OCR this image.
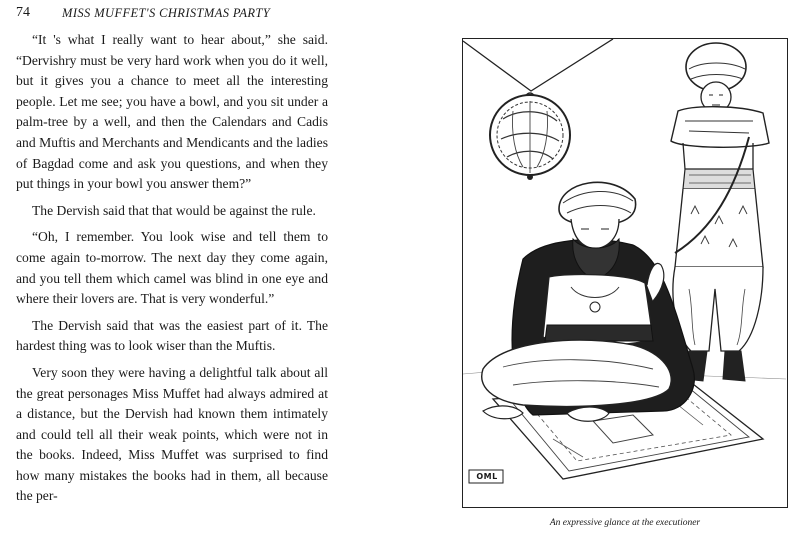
74	MISS MUFFET'S CHRISTMAS PARTY

“It 's what I really want to hear about,” she said. “Dervishry must be very hard work when you do it well, but it gives you a chance to meet all the interesting people. Let me see; you have a bowl, and you sit under a palm-tree by a well, and then the Calendars and Cadis and Muftis and Merchants and Mendicants and the ladies of Bagdad come and ask you questions, and when they put things in your bowl you answer them?”

The Dervish said that that would be against the rule.

“Oh, I remember. You look wise and tell them to come again to-morrow. The next day they come again, and you tell them which camel was blind in one eye and where their lovers are. That is very wonderful.”

The Dervish said that was the easiest part of it. The hardest thing was to look wiser than the Muftis.

Very soon they were having a delightful talk about all the great personages Miss Muffet had always admired at a distance, but the Dervish had known them intimately and could tell all their weak points, which were not in the books. Indeed, Miss Muffet was surprised to find how many mistakes the books had in them, all because the per-

OML
An expressive glance at the executioner
